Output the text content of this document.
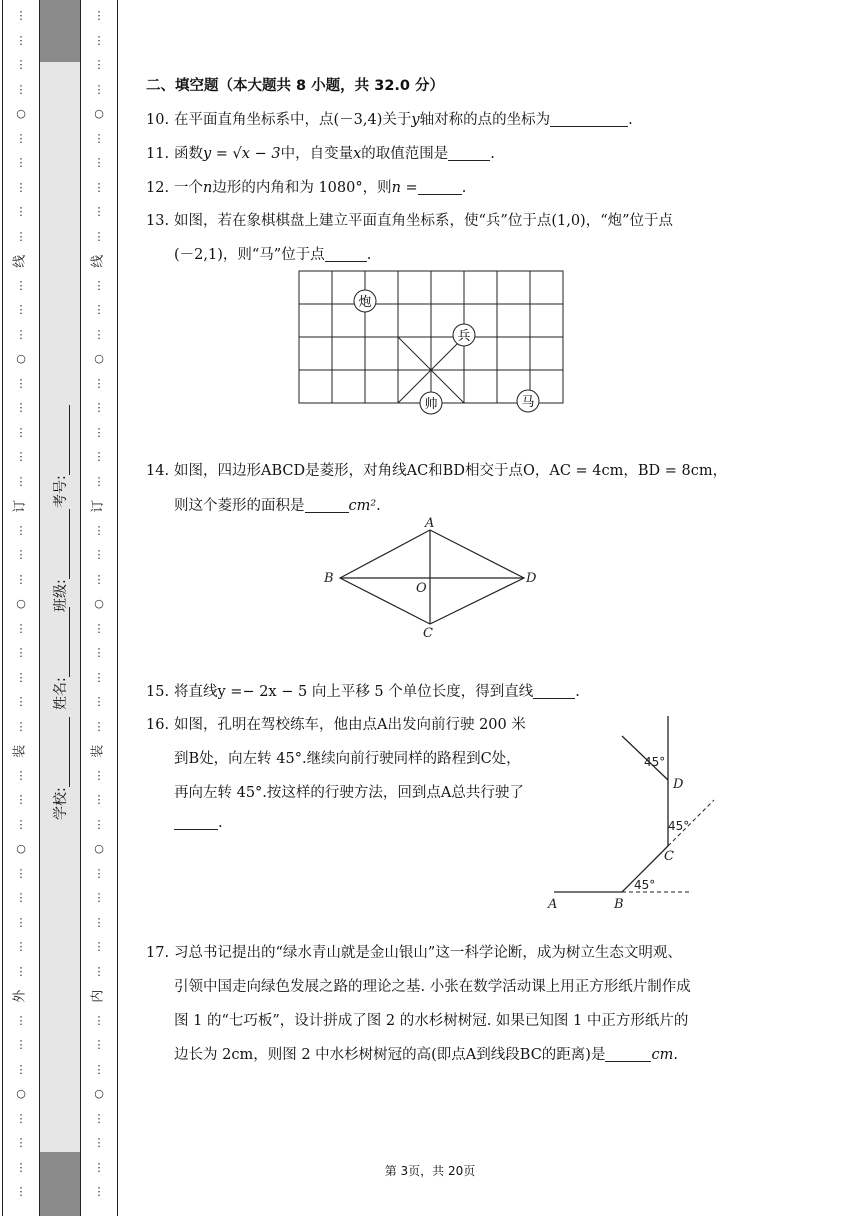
⋮
⋮
⋮
⋮
○
⋮
⋮
⋮
⋮
⋮
线
⋮
⋮
⋮
○
⋮
⋮
⋮
⋮
⋮
订
⋮
⋮
⋮
○
⋮
⋮
⋮
⋮
⋮
装
⋮
⋮
⋮
○
⋮
⋮
⋮
⋮
⋮
外
⋮
⋮
⋮
○
⋮
⋮
⋮
⋮
⋮
⋮
⋮
⋮
○
⋮
⋮
⋮
⋮
⋮
线
⋮
⋮
⋮
○
⋮
⋮
⋮
⋮
⋮
订
⋮
⋮
⋮
○
⋮
⋮
⋮
⋮
⋮
装
⋮
⋮
⋮
○
⋮
⋮
⋮
⋮
⋮
内
⋮
⋮
⋮
○
⋮
⋮
⋮
⋮
学校:
姓名:
班级:
考号:
二、填空题（本大题共 8 小题，共 32.0 分）
10. 在平面直角坐标系中，点(－3,4)关于y轴对称的点的坐标为	.
11. 函数y = √x − 3中，自变量x的取值范围是	.
12. 一个n边形的内角和为 1080°，则n =	.
13. 如图，若在象棋棋盘上建立平面直角坐标系，使“兵”位于点(1,0)，“炮”位于点
(－2,1)，则“马”位于点	.
炮
兵
帅	马
14. 如图，四边形ABCD是菱形，对角线AC和BD相交于点O，AC = 4cm，BD = 8cm，
则这个菱形的面积是	cm².
A
B
C
D
O
15. 将直线y =− 2x − 5 向上平移 5 个单位长度，得到直线	.
16. 如图，孔明在驾校练车，他由点A出发向前行驶 200 米
到B处，向左转 45°.继续向前行驶同样的路程到C处，
再向左转 45°.按这样的行驶方法，回到点A总共行驶了
.
45°
45°
45°
A	B
C
D
17. 习总书记提出的“绿水青山就是金山银山”这一科学论断，成为树立生态文明观、
引领中国走向绿色发展之路的理论之基. 小张在数学活动课上用正方形纸片制作成
图 1 的“七巧板”，设计拼成了图 2 的水杉树树冠. 如果已知图 1 中正方形纸片的
边长为 2cm，则图 2 中水杉树树冠的高(即点A到线段BC的距离)是	cm.
第 3页，共 20页
